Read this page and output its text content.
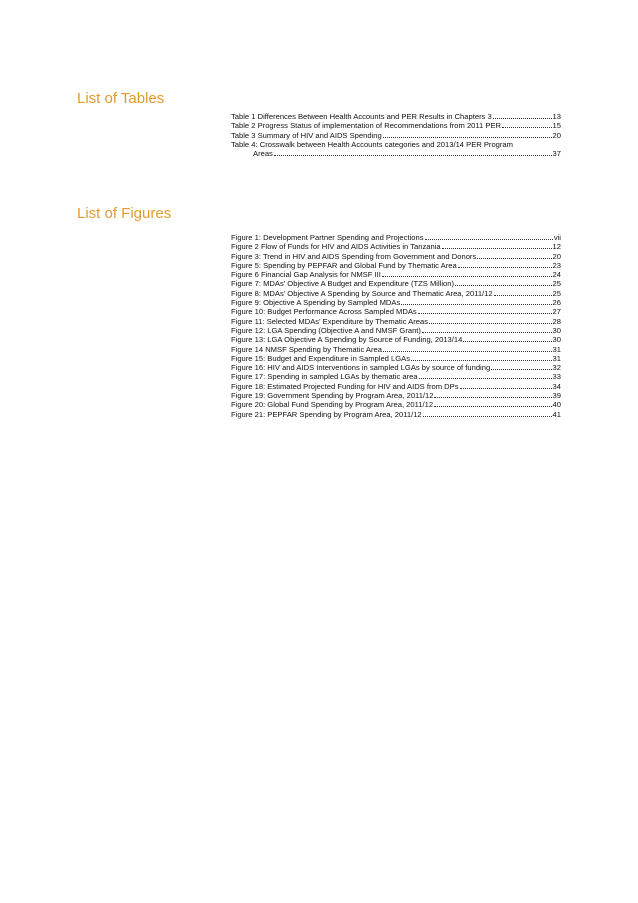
List of Tables
Table 1 Differences Between Health Accounts and PER Results in Chapters 3	13
Table 2 Progress Status of implementation of Recommendations from 2011 PER	15
Table 3 Summary of HIV and AIDS Spending	20
Table 4: Crosswalk between Health Accounts categories and 2013/14 PER Program
Areas	37
List of Figures
Figure 1: Development Partner Spending and Projections	vii
Figure 2 Flow of Funds for HIV and AIDS Activities in Tanzania	12
Figure 3: Trend in HIV and AIDS Spending from Government and Donors	20
Figure 5: Spending by PEPFAR and Global Fund by Thematic Area	23
Figure 6 Financial Gap Analysis for NMSF III	24
Figure 7: MDAs' Objective A Budget and Expenditure (TZS Million)	25
Figure 8: MDAs' Objective A Spending by Source and Thematic Area, 2011/12	25
Figure 9: Objective A Spending by Sampled MDAs	26
Figure 10: Budget Performance Across Sampled MDAs	27
Figure 11: Selected MDAs' Expenditure by Thematic Areas	28
Figure 12: LGA Spending (Objective A and NMSF Grant)	30
Figure 13: LGA Objective A Spending by Source of Funding, 2013/14	30
Figure 14 NMSF Spending by Thematic Area	31
Figure 15: Budget and Expenditure in Sampled LGAs	31
Figure 16: HIV and AIDS Interventions in sampled LGAs by source of funding	32
Figure 17: Spending in sampled LGAs by thematic area	33
Figure 18: Estimated Projected Funding for HIV and AIDS from DPs	34
Figure 19: Government Spending by Program Area, 2011/12	39
Figure 20: Global Fund Spending by Program Area, 2011/12	40
Figure 21: PEPFAR Spending by Program Area, 2011/12	41
